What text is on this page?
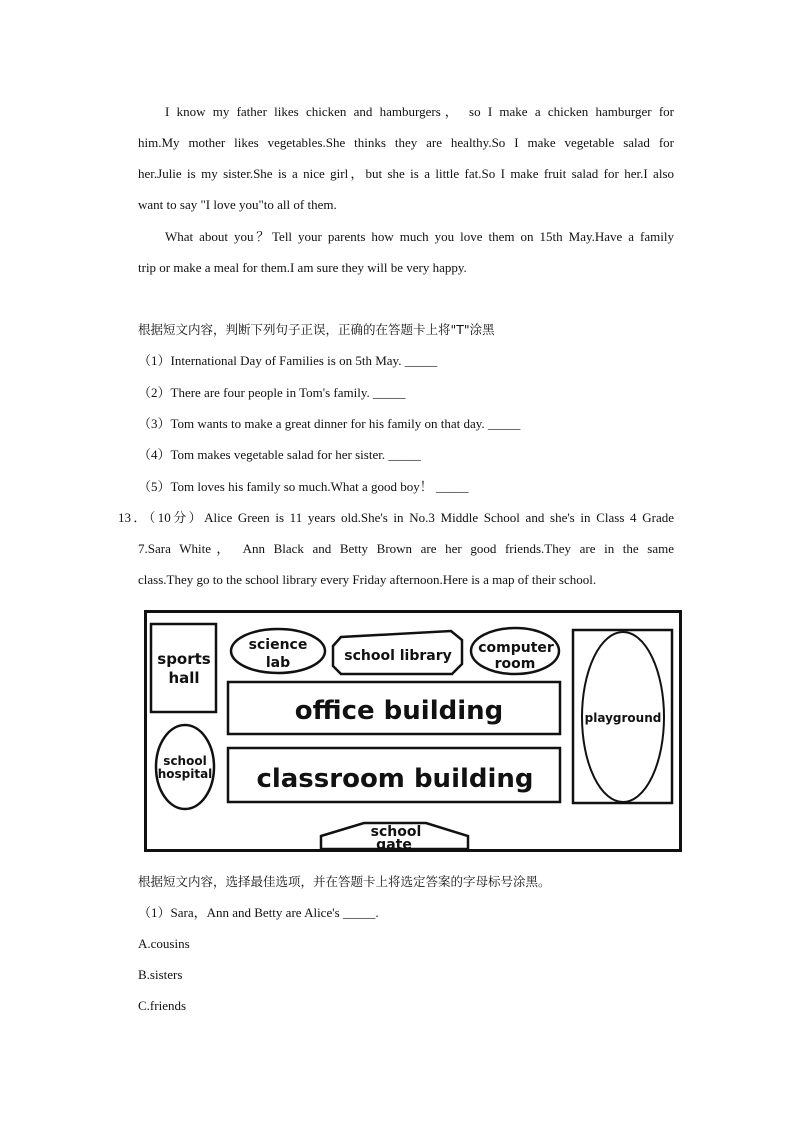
I know my father likes chicken and hamburgers， so I make a chicken hamburger for
him.My mother likes vegetables.She thinks they are healthy.So I make vegetable salad for
her.Julie is my sister.She is a nice girl，but she is a little fat.So I make fruit salad for her.I also
want to say "I love you"to all of them.
What about you？Tell your parents how much you love them on 15th May.Have a family
trip or make a meal for them.I am sure they will be very happy.
根据短文内容，判断下列句子正误，正确的在答题卡上将"T"涂黑
（1）International Day of Families is on 5th May. _____
（2）There are four people in Tom's family. _____
（3）Tom wants to make a great dinner for his family on that day. _____
（4）Tom makes vegetable salad for her sister. _____
（5）Tom loves his family so much.What a good boy！ _____
13．（10分）Alice Green is 11 years old.She's in No.3 Middle School and she's in Class 4 Grade
7.Sara White， Ann Black and Betty Brown are her good friends.They are in the same
class.They go to the school library every Friday afternoon.Here is a map of their school.
sports
hall
science
lab	school library computer
room
office building
classroom building
school
hospital
playground
school
gate
根据短文内容，选择最佳选项，并在答题卡上将选定答案的字母标号涂黑。
（1）Sara，Ann and Betty are Alice's _____.
A.cousins
B.sisters
C.friends
